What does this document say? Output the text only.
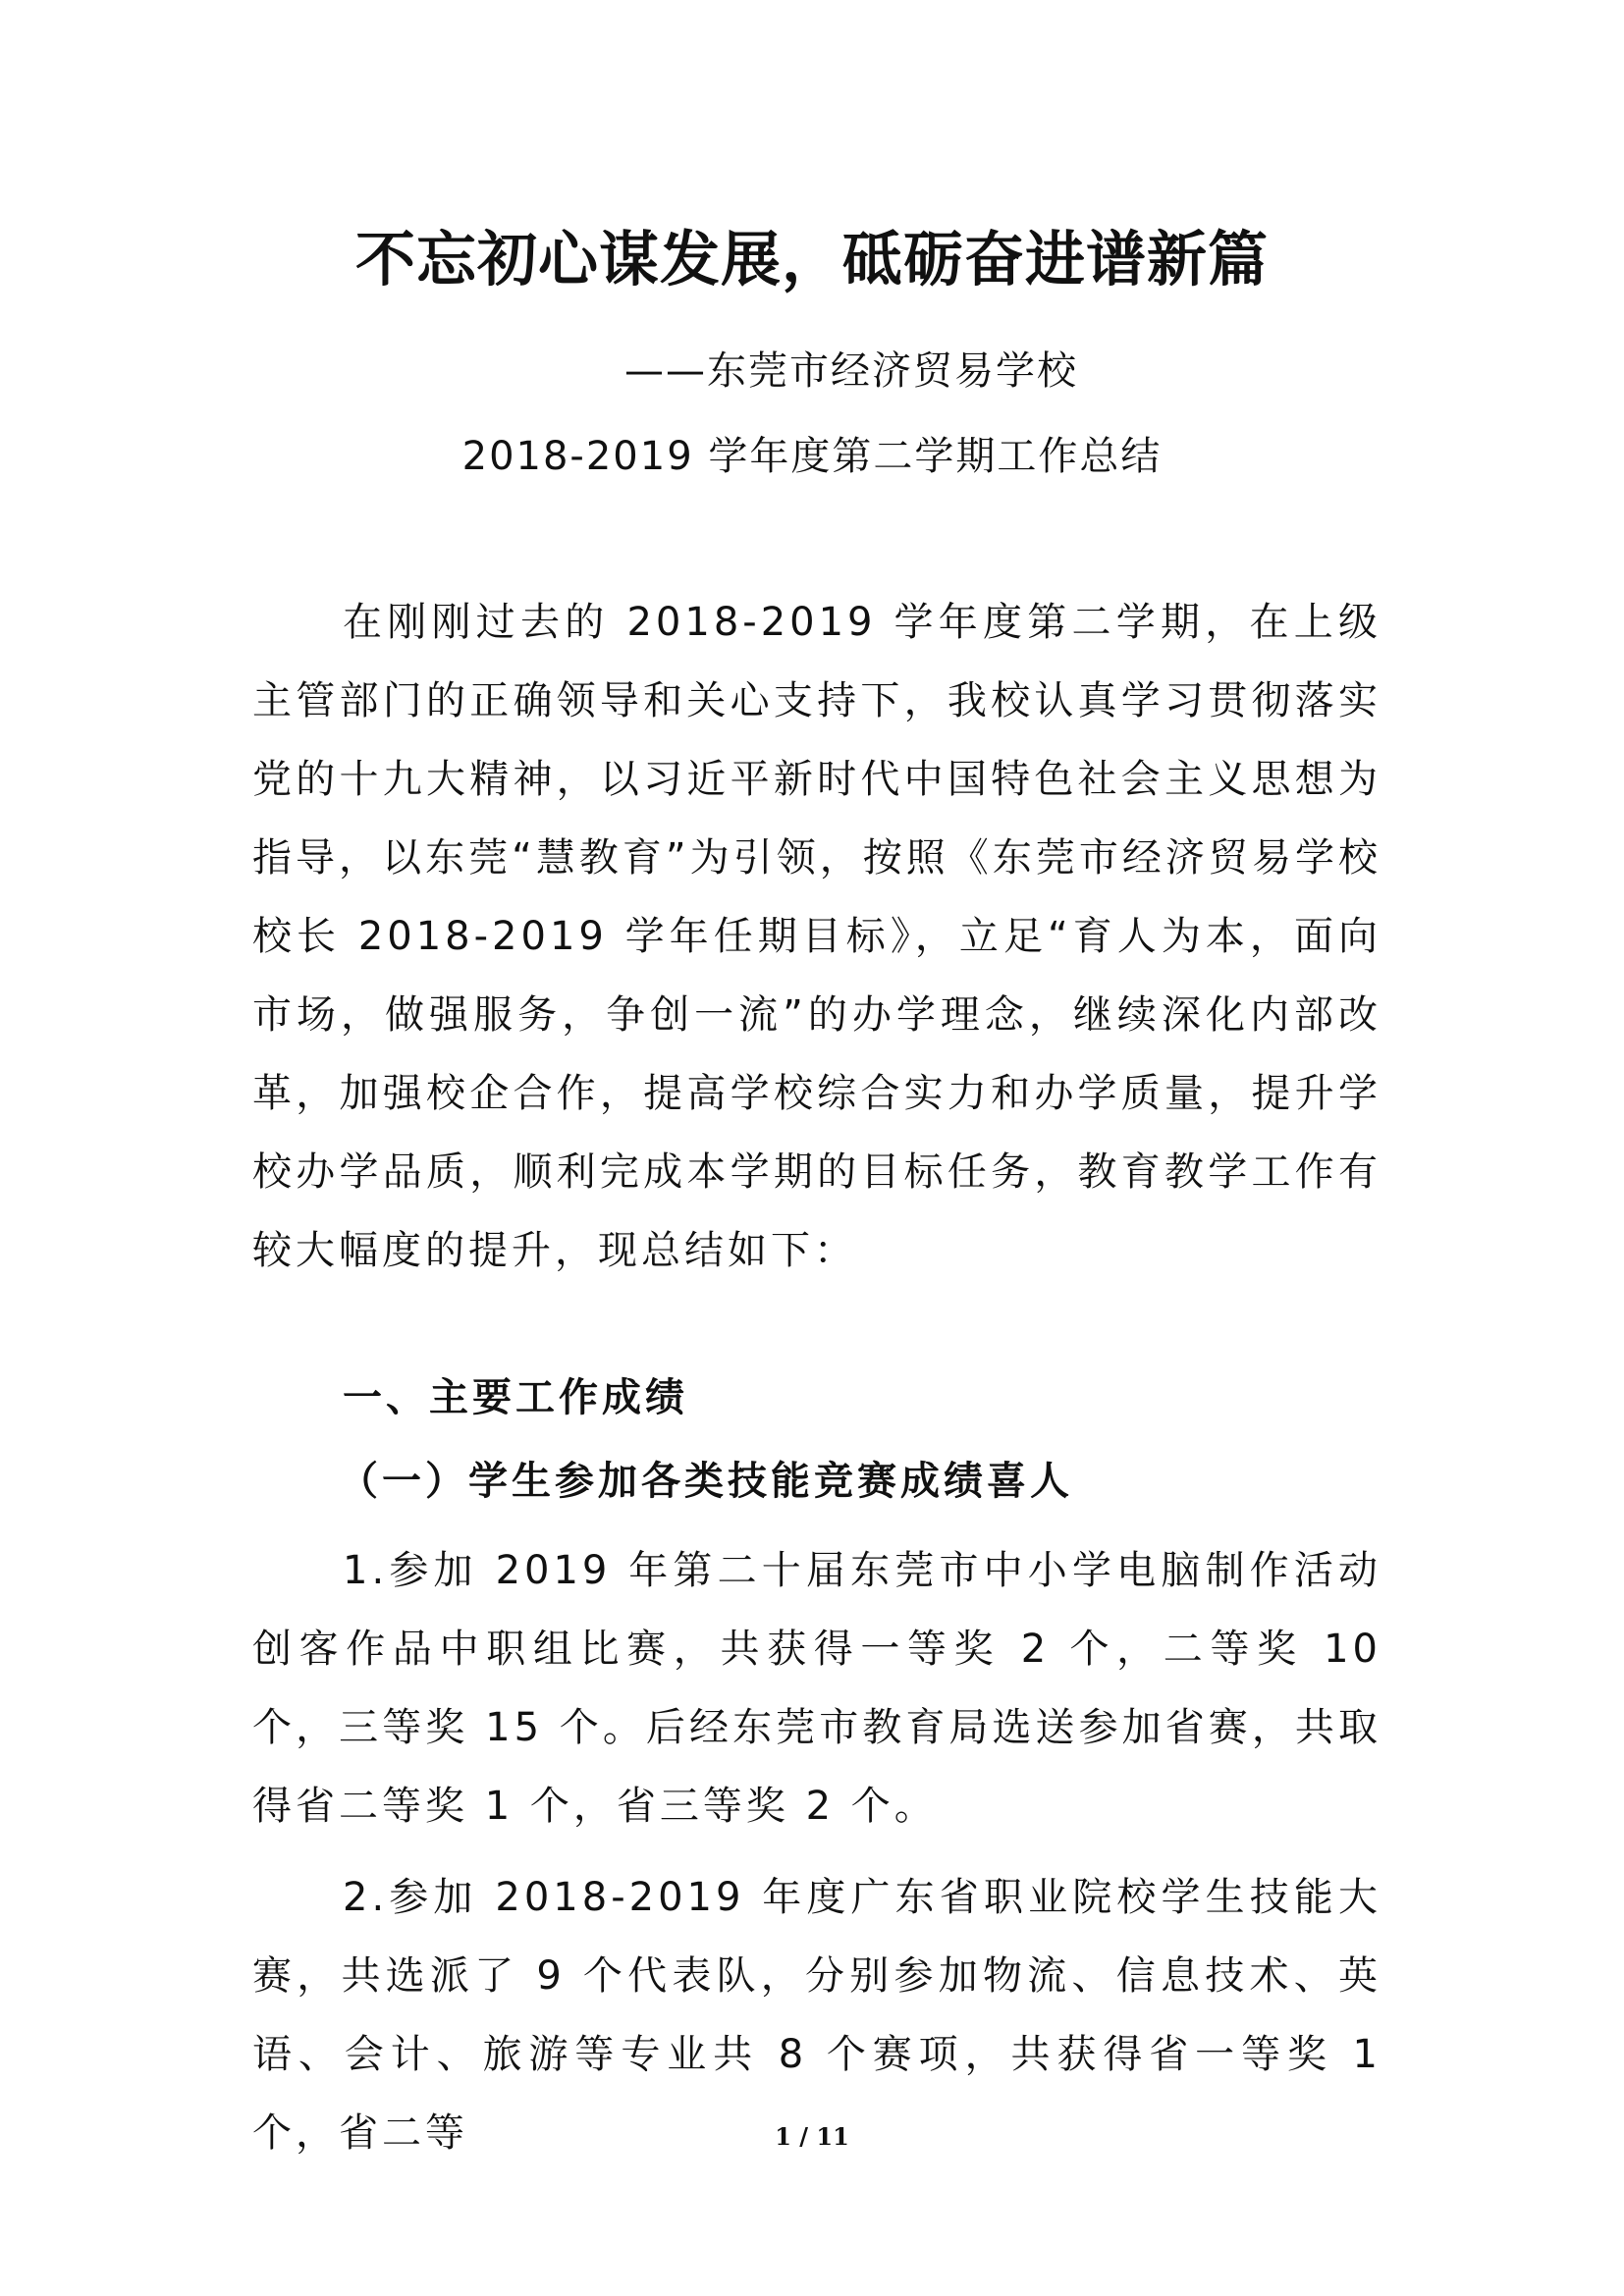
不忘初心谋发展，砥砺奋进谱新篇
——东莞市经济贸易学校
2018-2019 学年度第二学期工作总结

在刚刚过去的 2018-2019 学年度第二学期，在上级主管部门的正确领导和关心支持下，我校认真学习贯彻落实党的十九大精神，以习近平新时代中国特色社会主义思想为指导，以东莞“慧教育”为引领，按照《东莞市经济贸易学校校长 2018-2019 学年任期目标》，立足“育人为本，面向市场，做强服务，争创一流”的办学理念，继续深化内部改革，加强校企合作，提高学校综合实力和办学质量，提升学校办学品质，顺利完成本学期的目标任务，教育教学工作有较大幅度的提升，现总结如下：

一、主要工作成绩

（一）学生参加各类技能竞赛成绩喜人

1.参加 2019 年第二十届东莞市中小学电脑制作活动创客作品中职组比赛，共获得一等奖 2 个，二等奖 10 个，三等奖 15 个。后经东莞市教育局选送参加省赛，共取得省二等奖 1 个，省三等奖 2 个。

2.参加 2018-2019 年度广东省职业院校学生技能大赛，共选派了 9 个代表队，分别参加物流、信息技术、英语、会计、旅游等专业共 8 个赛项，共获得省一等奖 1 个，省二等	1 / 11
